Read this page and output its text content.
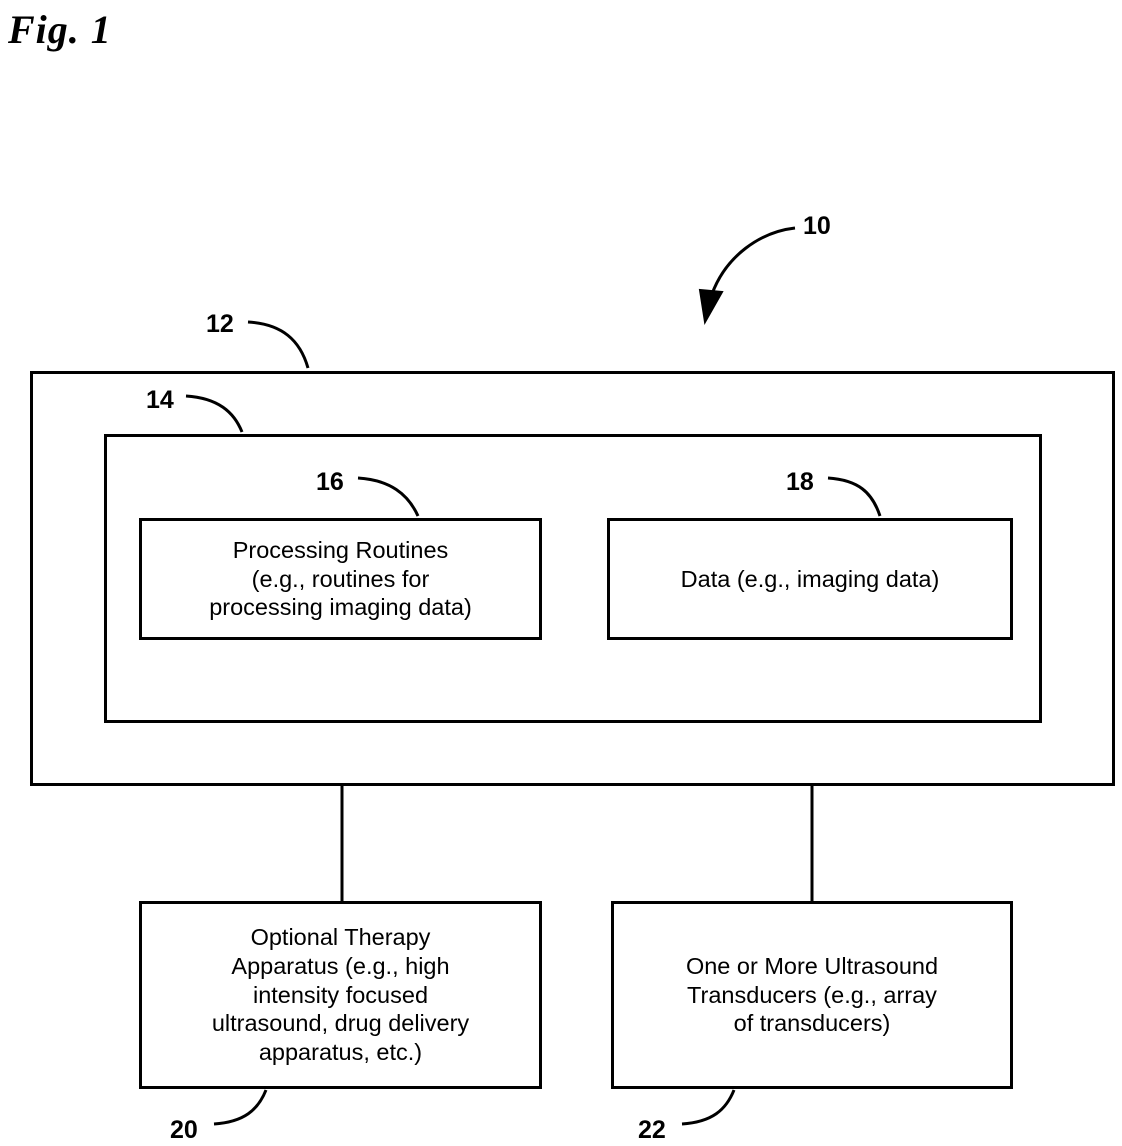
Fig. 1
Processing Routines
(e.g., routines for
processing imaging data)
Data (e.g., imaging data)
Optional Therapy
Apparatus (e.g., high
intensity focused
ultrasound, drug delivery
apparatus, etc.)
One or More Ultrasound
Transducers (e.g., array
of transducers)
10
12
14
16	18
20	22
